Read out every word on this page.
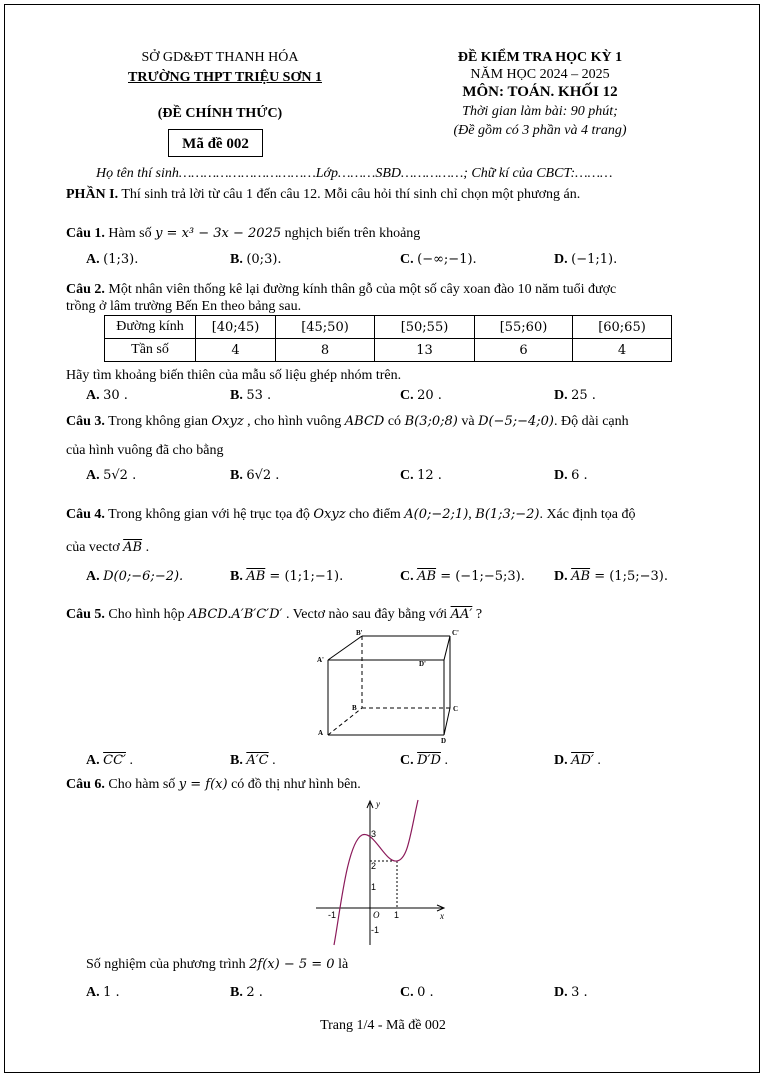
SỞ GD&ĐT THANH HÓA
TRƯỜNG THPT TRIỆU SƠN 1
(ĐỀ CHÍNH THỨC)
Mã đề 002
ĐỀ KIỂM TRA HỌC KỲ 1
NĂM HỌC 2024 – 2025
MÔN: TOÁN. KHỐI 12
Thời gian làm bài: 90 phút;
(Đề gồm có 3 phần và 4 trang)
Họ tên thí sinh……………………………Lớp………SBD……………; Chữ kí của CBCT:………
PHẦN I. Thí sinh trả lời từ câu 1 đến câu 12. Mỗi câu hỏi thí sinh chỉ chọn một phương án.
Câu 1. Hàm số y = x³ − 3x − 2025 nghịch biến trên khoảng
A. (1;3).	B. (0;3).	C. (−∞;−1).	D. (−1;1).
Câu 2. Một nhân viên thống kê lại đường kính thân gỗ của một số cây xoan đào 10 năm tuổi được
trồng ở lâm trường Bến En theo bảng sau.
Đường kính	[40;45)	[45;50)	[50;55)	[55;60)	[60;65)
Tần số	4	8	13	6	4
Hãy tìm khoảng biến thiên của mẫu số liệu ghép nhóm trên.
A. 30 .	B. 53 .	C. 20 .	D. 25 .
Câu 3. Trong không gian Oxyz , cho hình vuông ABCD có B(3;0;8) và D(−5;−4;0). Độ dài cạnh
của hình vuông đã cho bằng
A. 5√2 .	B. 6√2 .	C. 12 .	D. 6 .
Câu 4. Trong không gian với hệ trục tọa độ Oxyz cho điểm A(0;−2;1), B(1;3;−2). Xác định tọa độ
của vectơ $\overline{AB}$ .
A. D(0;−6;−2).	B. $\overline{AB}$ = (1;1;−1).	C. $\overline{AB}$ = (−1;−5;3). D. $\overline{AB}$ = (1;5;−3).
Câu 5. Cho hình hộp ABCD.A′B′C′D′ . Vectơ nào sau đây bằng với AA′ ?
B'	C'
A'	D'
B	C
A
D
A. CC′ .	B. A′C .	C. D′D .	D. AD′ .
Câu 6. Cho hàm số y = f(x) có đồ thị như hình bên.
y
x
O
3
2
1
-1
-1	1
Số nghiệm của phương trình 2f(x) − 5 = 0 là
A. 1 .	B. 2 .	C. 0 .	D. 3 .
Trang 1/4 - Mã đề 002
